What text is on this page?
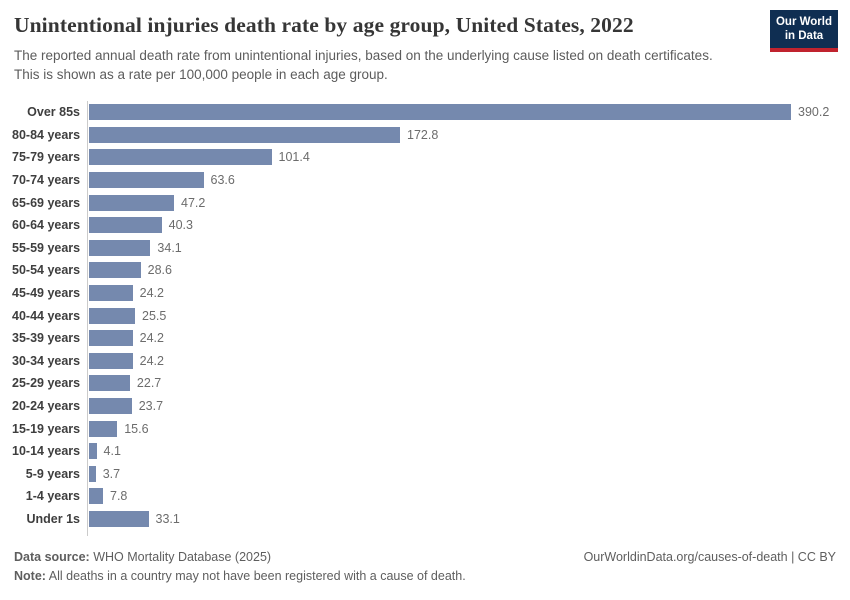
Unintentional injuries death rate by age group, United States, 2022

The reported annual death rate from unintentional injuries, based on the underlying cause listed on death certificates. This is shown as a rate per 100,000 people in each age group.

Our World
in Data
Over 85s	390.2
80-84 years	172.8
75-79 years	101.4
70-74 years	63.6
65-69 years	47.2
60-64 years	40.3
55-59 years	34.1
50-54 years	28.6
45-49 years	24.2
40-44 years	25.5
35-39 years	24.2
30-34 years	24.2
25-29 years	22.7
20-24 years	23.7
15-19 years	15.6
10-14 years	4.1
5-9 years	3.7
1-4 years	7.8
Under 1s	33.1

Data source: WHO Mortality Database (2025)	OurWorldinData.org/causes-of-death | CC BY

Note: All deaths in a country may not have been registered with a cause of death.
